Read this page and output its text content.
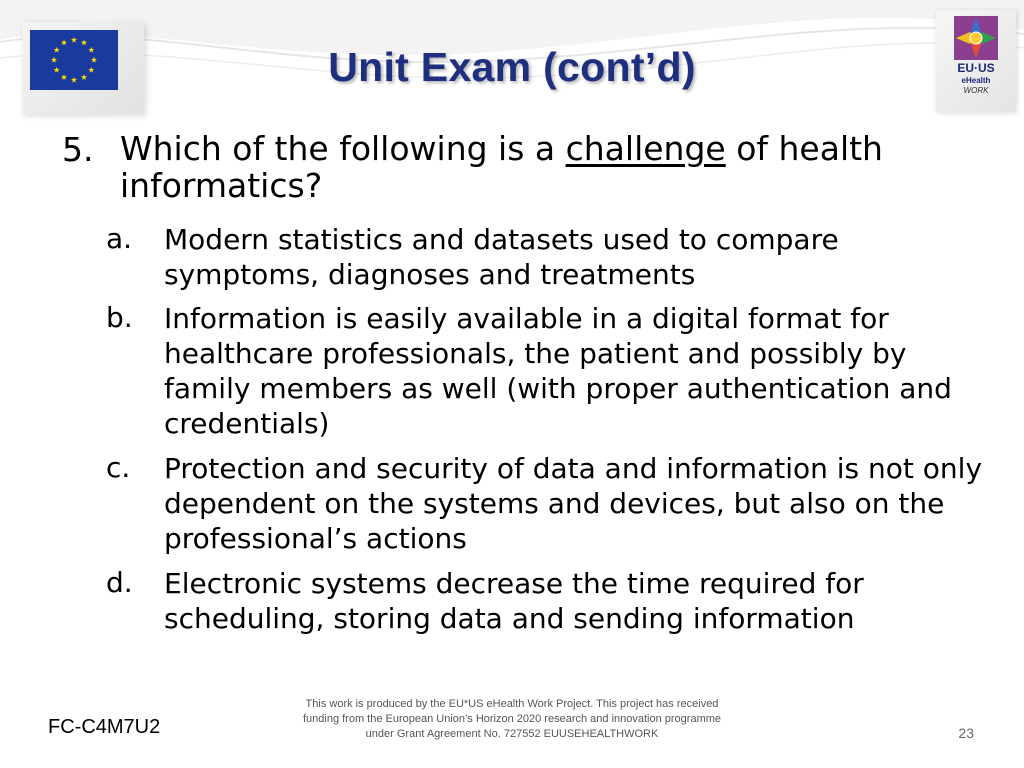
EU·US
eHealth
WORK
Unit Exam (cont’d)
5. Which of the following is a challenge of health informatics?
a. Modern statistics and datasets used to compare symptoms, diagnoses and treatments
b. Information is easily available in a digital format for healthcare professionals, the patient and possibly by family members as well (with proper authentication and credentials)
c. Protection and security of data and information is not only dependent on the systems and devices, but also on the professional’s actions
d. Electronic systems decrease the time required for scheduling, storing data and sending information
FC-C4M7U2
This work is produced by the EU*US eHealth Work Project. This project has received funding from the European Union’s Horizon 2020 research and innovation programme under Grant Agreement No. 727552 EUUSEHEALTHWORK	23
